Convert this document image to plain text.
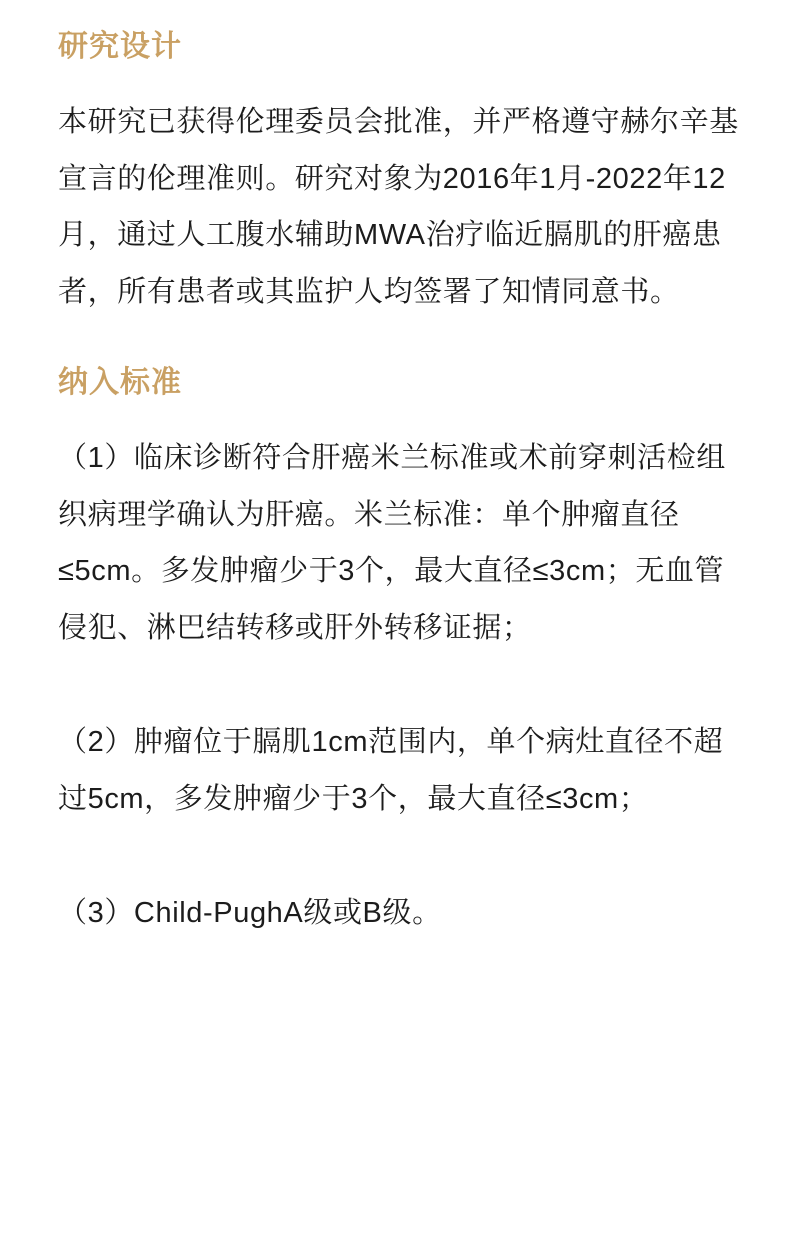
研究设计

本研究已获得伦理委员会批准，并严格遵守赫尔辛基宣言的伦理准则。研究对象为2016年1月-2022年12月，通过人工腹水辅助MWA治疗临近膈肌的肝癌患者，所有患者或其监护人均签署了知情同意书。

纳入标准

（1）临床诊断符合肝癌米兰标准或术前穿刺活检组织病理学确认为肝癌。米兰标准：单个肿瘤直径≤5cm。多发肿瘤少于3个，最大直径≤3cm；无血管侵犯、淋巴结转移或肝外转移证据；

（2）肿瘤位于膈肌1cm范围内，单个病灶直径不超过5cm，多发肿瘤少于3个，最大直径≤3cm；

（3）Child-PughA级或B级。
